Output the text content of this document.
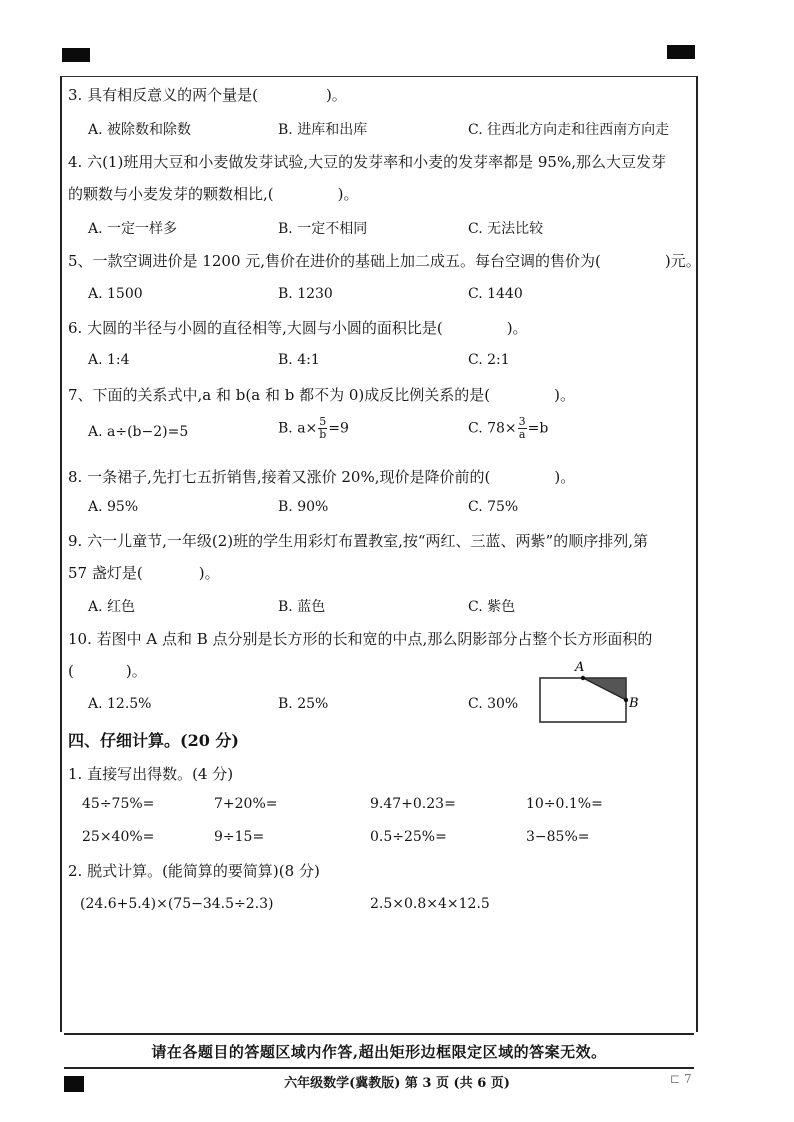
3. 具有相反意义的两个量是(	)。
A. 被除数和除数	B. 进库和出库	C. 往西北方向走和往西南方向走
4. 六(1)班用大豆和小麦做发芽试验,大豆的发芽率和小麦的发芽率都是 95%,那么大豆发芽
的颗数与小麦发芽的颗数相比,(	)。
A. 一定一样多	B. 一定不相同	C. 无法比较
5、一款空调进价是 1200 元,售价在进价的基础上加二成五。每台空调的售价为(	)元。
A. 1500	B. 1230	C. 1440
6. 大圆的半径与小圆的直径相等,大圆与小圆的面积比是(	)。
A. 1:4	B. 4:1	C. 2:1
7、下面的关系式中,a 和 b(a 和 b 都不为 0)成反比例关系的是(	)。
A. a÷(b−2)=5	B. $a\times \frac{5}{b} =9$	C. $78\times \frac{3}{a} =b$
8. 一条裙子,先打七五折销售,接着又涨价 20%,现价是降价前的(	)。
A. 95%	B. 90%	C. 75%
9. 六一儿童节,一年级(2)班的学生用彩灯布置教室,按“两红、三蓝、两紫”的顺序排列,第
57 盏灯是(	)。
A. 红色	B. 蓝色	C. 紫色
10. 若图中 A 点和 B 点分别是长方形的长和宽的中点,那么阴影部分占整个长方形面积的
(	)。
A. 12.5%	B. 25%	C. 30%
A
B
四、仔细计算。(20 分)
1. 直接写出得数。(4 分)
45÷75%=	7+20%=	9.47+0.23=	10÷0.1%=
25×40%=	9÷15=	0.5÷25%=	3−85%=
2. 脱式计算。(能简算的要简算)(8 分)
(24.6+5.4)×(75−34.5÷2.3)	2.5×0.8×4×12.5
请在各题目的答题区域内作答,超出矩形边框限定区域的答案无效。
六年级数学(冀教版) 第 3 页 (共 6 页)	⊏ 7
